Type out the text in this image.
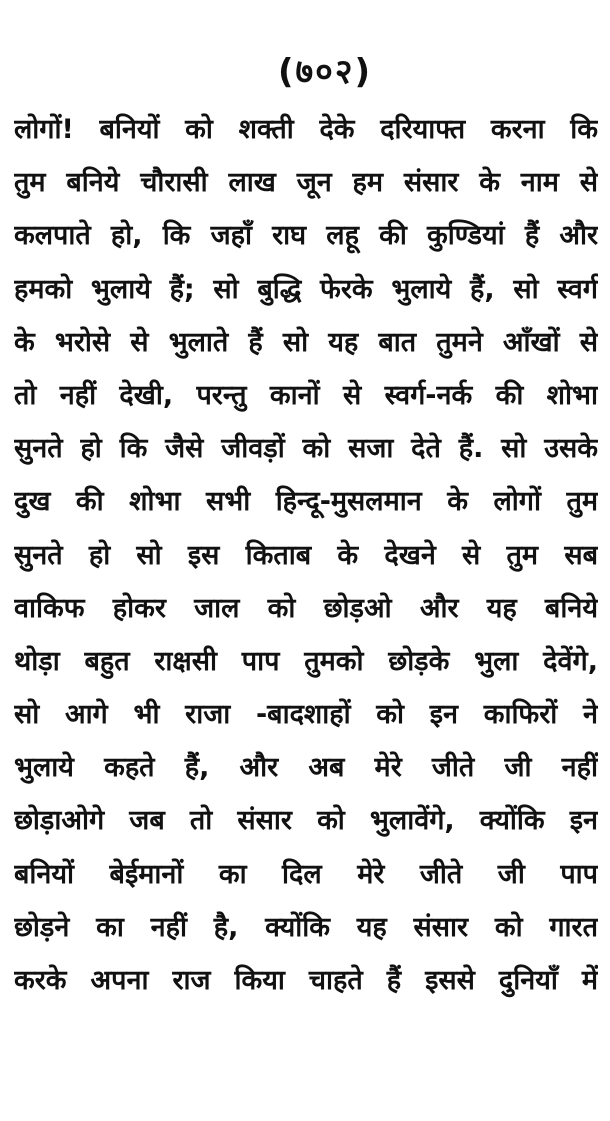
(७०२)
लोगों! बनियों को शक्ती देके दरियाफ्त करना कि
तुम बनिये चौरासी लाख जून हम संसार के नाम से
कलपाते हो, कि जहाँ राघ लहू की कुण्डियां हैं और
हमको भुलाये हैं; सो बुद्धि फेरके भुलाये हैं, सो स्वर्ग
के भरोसे से भुलाते हैं सो यह बात तुमने आँखों से
तो नहीं देखी, परन्तु कानों से स्वर्ग-नर्क की शोभा
सुनते हो कि जैसे जीवड़ों को सजा देते हैं. सो उसके
दुख की शोभा सभी हिन्दू-मुसलमान के लोगों तुम
सुनते हो सो इस किताब के देखने से तुम सब
वाकिफ होकर जाल को छोड़ओ और यह बनिये
थोड़ा बहुत राक्षसी पाप तुमको छोड़के भुला देवेंगे,
सो आगे भी राजा -बादशाहों को इन काफिरों ने
भुलाये कहते हैं, और अब मेरे जीते जी नहीं
छोड़ाओगे जब तो संसार को भुलावेंगे, क्योंकि इन
बनियों बेईमानों का दिल मेरे जीते जी पाप
छोड़ने का नहीं है, क्योंकि यह संसार को गारत
करके अपना राज किया चाहते हैं इससे दुनियाँ में
